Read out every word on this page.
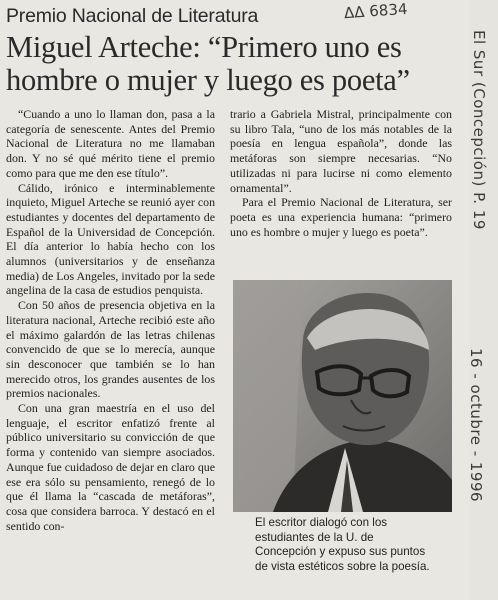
Premio Nacional de Literatura
Miguel Arteche: “Primero uno es
hombre o mujer y luego es poeta”

“Cuando a uno lo llaman don, pasa a la categoría de senescente. Antes del Premio Nacional de Literatura no me llamaban don. Y no sé qué mérito tiene el premio como para que me den ese título”.

Cálido, irónico e interminablemente inquieto, Miguel Arteche se reunió ayer con estudiantes y docentes del departamento de Español de la Universidad de Concepción. El día anterior lo había hecho con los alumnos (universitarios y de enseñanza media) de Los Angeles, invitado por la sede angelina de la casa de estudios penquista.

Con 50 años de presencia objetiva en la literatura nacional, Arteche recibió este año el máximo galardón de las letras chilenas convencido de que se lo merecía, aunque sin desconocer que también se lo han merecido otros, los grandes ausentes de los premios nacionales.

Con una gran maestría en el uso del lenguaje, el escritor enfatizó frente al público universitario su convicción de que forma y contenido van siempre asociados. Aunque fue cuidadoso de dejar en claro que ese era sólo su pensamiento, renegó de lo que él llama la “cascada de metáforas”, cosa que considera barroca. Y destacó en el sentido con-

trario a Gabriela Mistral, principalmente con su libro Tala, “uno de los más notables de la poesía en lengua española”, donde las metáforas son siempre necesarias. “No utilizadas ni para lucirse ni como elemento ornamental”.

Para el Premio Nacional de Literatura, ser poeta es una experiencia humana: “primero uno es hombre o mujer y luego es poeta”.

El escritor dialogó con los estudiantes de la U. de Concepción y expuso sus puntos de vista estéticos sobre la poesía.
ΔΔ 6834
El Sur (Concepción) P. 19
16 - octubre - 1996
